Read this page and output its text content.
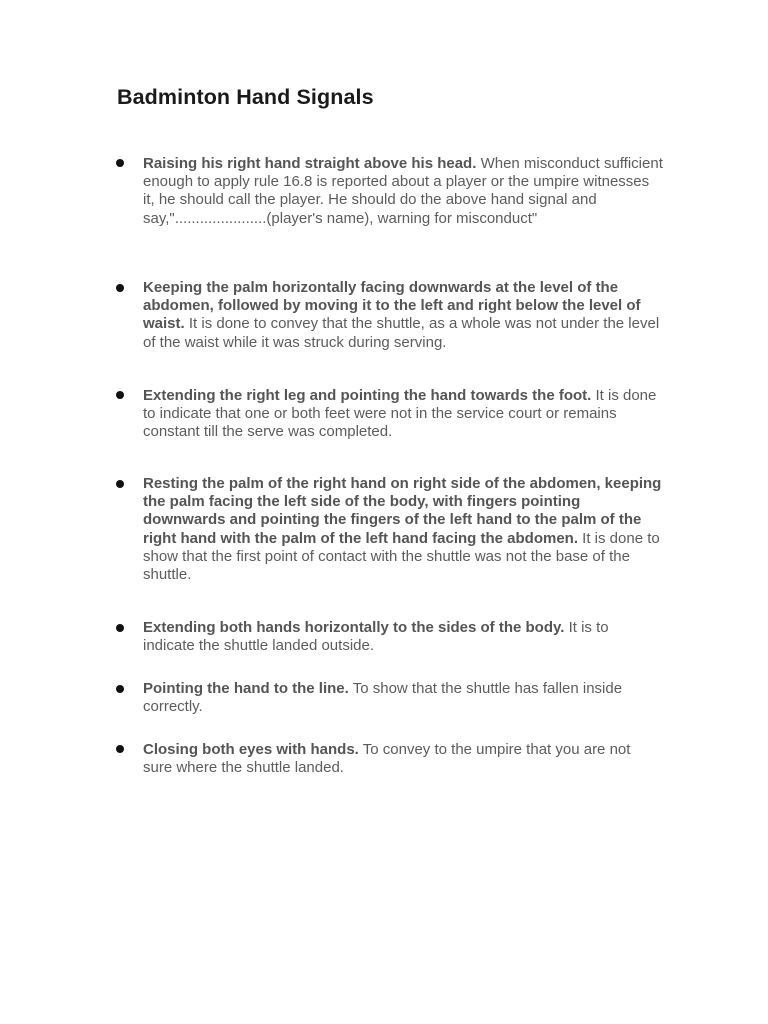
Badminton Hand Signals
Raising his right hand straight above his head. When misconduct sufficient enough to apply rule 16.8 is reported about a player or the umpire witnesses it, he should call the player. He should do the above hand signal and say,"......................(player's name), warning for misconduct"
Keeping the palm horizontally facing downwards at the level of the abdomen, followed by moving it to the left and right below the level of waist. It is done to convey that the shuttle, as a whole was not under the level of the waist while it was struck during serving.
Extending the right leg and pointing the hand towards the foot. It is done to indicate that one or both feet were not in the service court or remains constant till the serve was completed.
Resting the palm of the right hand on right side of the abdomen, keeping the palm facing the left side of the body, with fingers pointing downwards and pointing the fingers of the left hand to the palm of the right hand with the palm of the left hand facing the abdomen. It is done to show that the first point of contact with the shuttle was not the base of the shuttle.
Extending both hands horizontally to the sides of the body. It is to indicate the shuttle landed outside.
Pointing the hand to the line. To show that the shuttle has fallen inside correctly.
Closing both eyes with hands. To convey to the umpire that you are not sure where the shuttle landed.
